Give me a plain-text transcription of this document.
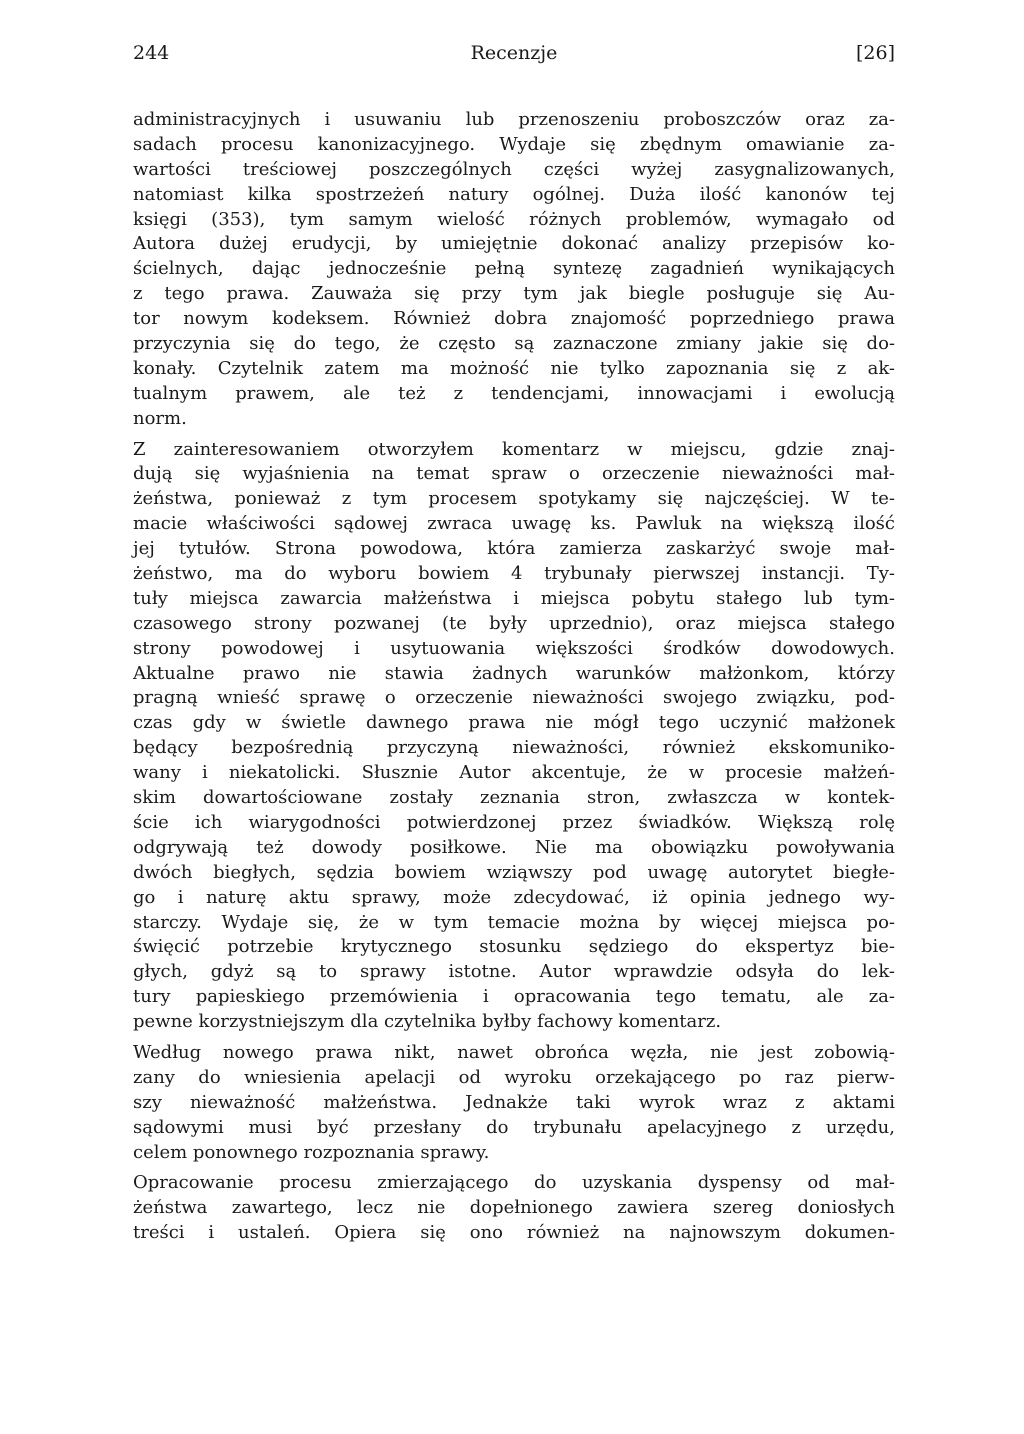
244	Recenzje	[26]
administracyjnych i usuwaniu lub przenoszeniu proboszczów oraz za-
sadach procesu kanonizacyjnego. Wydaje się zbędnym omawianie za-
wartości treściowej poszczególnych części wyżej zasygnalizowanych,
natomiast kilka spostrzeżeń natury ogólnej. Duża ilość kanonów tej
księgi (353), tym samym wielość różnych problemów, wymagało od
Autora dużej erudycji, by umiejętnie dokonać analizy przepisów ko-
ścielnych, dając jednocześnie pełną syntezę zagadnień wynikających
z tego prawa. Zauważa się przy tym jak biegle posługuje się Au-
tor nowym kodeksem. Również dobra znajomość poprzedniego prawa
przyczynia się do tego, że często są zaznaczone zmiany jakie się do-
konały. Czytelnik zatem ma możność nie tylko zapoznania się z ak-
tualnym prawem, ale też z tendencjami, innowacjami i ewolucją
norm.
Z zainteresowaniem otworzyłem komentarz w miejscu, gdzie znaj-
dują się wyjaśnienia na temat spraw o orzeczenie nieważności mał-
żeństwa, ponieważ z tym procesem spotykamy się najczęściej. W te-
macie właściwości sądowej zwraca uwagę ks. Pawluk na większą ilość
jej tytułów. Strona powodowa, która zamierza zaskarżyć swoje mał-
żeństwo, ma do wyboru bowiem 4 trybunały pierwszej instancji. Ty-
tuły miejsca zawarcia małżeństwa i miejsca pobytu stałego lub tym-
czasowego strony pozwanej (te były uprzednio), oraz miejsca stałego
strony powodowej i usytuowania większości środków dowodowych.
Aktualne prawo nie stawia żadnych warunków małżonkom, którzy
pragną wnieść sprawę o orzeczenie nieważności swojego związku, pod-
czas gdy w świetle dawnego prawa nie mógł tego uczynić małżonek
będący bezpośrednią przyczyną nieważności, również ekskomuniko-
wany i niekatolicki. Słusznie Autor akcentuje, że w procesie małżeń-
skim dowartościowane zostały zeznania stron, zwłaszcza w kontek-
ście ich wiarygodności potwierdzonej przez świadków. Większą rolę
odgrywają też dowody posiłkowe. Nie ma obowiązku powoływania
dwóch biegłych, sędzia bowiem wziąwszy pod uwagę autorytet biegłe-
go i naturę aktu sprawy, może zdecydować, iż opinia jednego wy-
starczy. Wydaje się, że w tym temacie można by więcej miejsca po-
święcić potrzebie krytycznego stosunku sędziego do ekspertyz bie-
głych, gdyż są to sprawy istotne. Autor wprawdzie odsyła do lek-
tury papieskiego przemówienia i opracowania tego tematu, ale za-
pewne korzystniejszym dla czytelnika byłby fachowy komentarz.
Według nowego prawa nikt, nawet obrońca węzła, nie jest zobowią-
zany do wniesienia apelacji od wyroku orzekającego po raz pierw-
szy nieważność małżeństwa. Jednakże taki wyrok wraz z aktami
sądowymi musi być przesłany do trybunału apelacyjnego z urzędu,
celem ponownego rozpoznania sprawy.
Opracowanie procesu zmierzającego do uzyskania dyspensy od mał-
żeństwa zawartego, lecz nie dopełnionego zawiera szereg doniosłych
treści i ustaleń. Opiera się ono również na najnowszym dokumen-
